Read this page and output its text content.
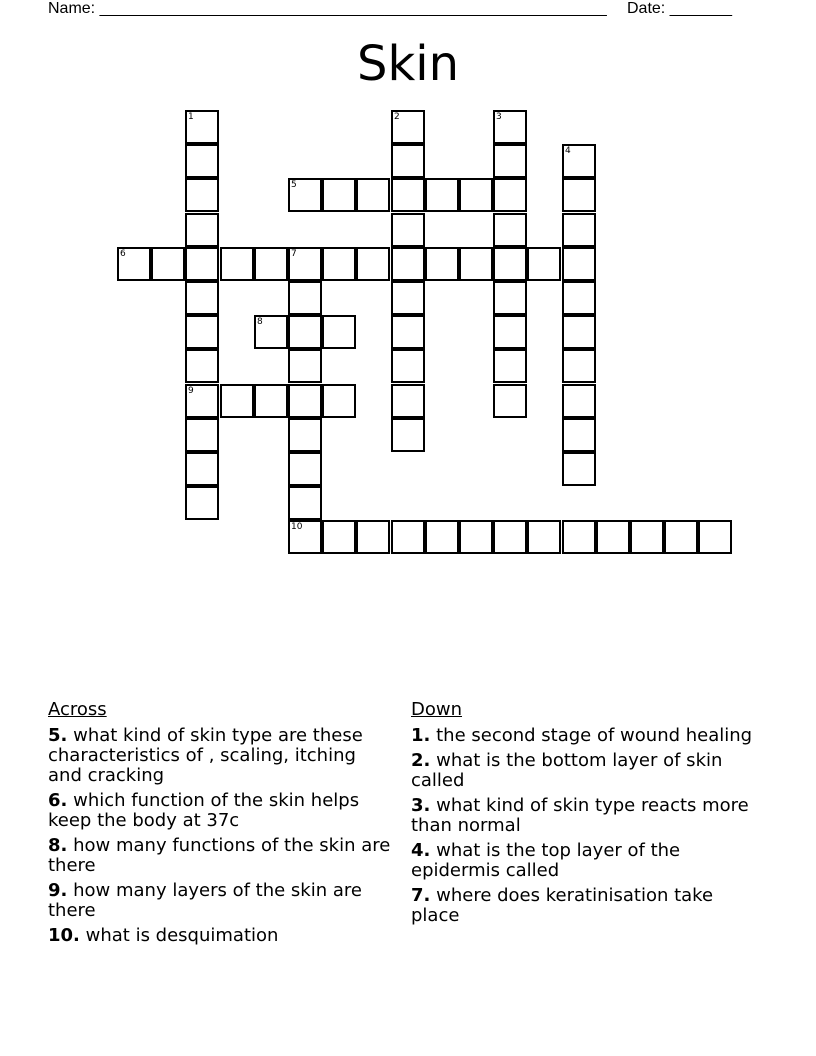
Name: _________________________________________________________ Date: _______
Skin
1	2	3
4
5
6	7
8
9
10
Across
5. what kind of skin type are these characteristics of , scaling, itching and cracking
6. which function of the skin helps keep the body at 37c
8. how many functions of the skin are there
9. how many layers of the skin are there
10. what is desquimation
Down
1. the second stage of wound healing
2. what is the bottom layer of skin called
3. what kind of skin type reacts more than normal
4. what is the top layer of the epidermis called
7. where does keratinisation take place
